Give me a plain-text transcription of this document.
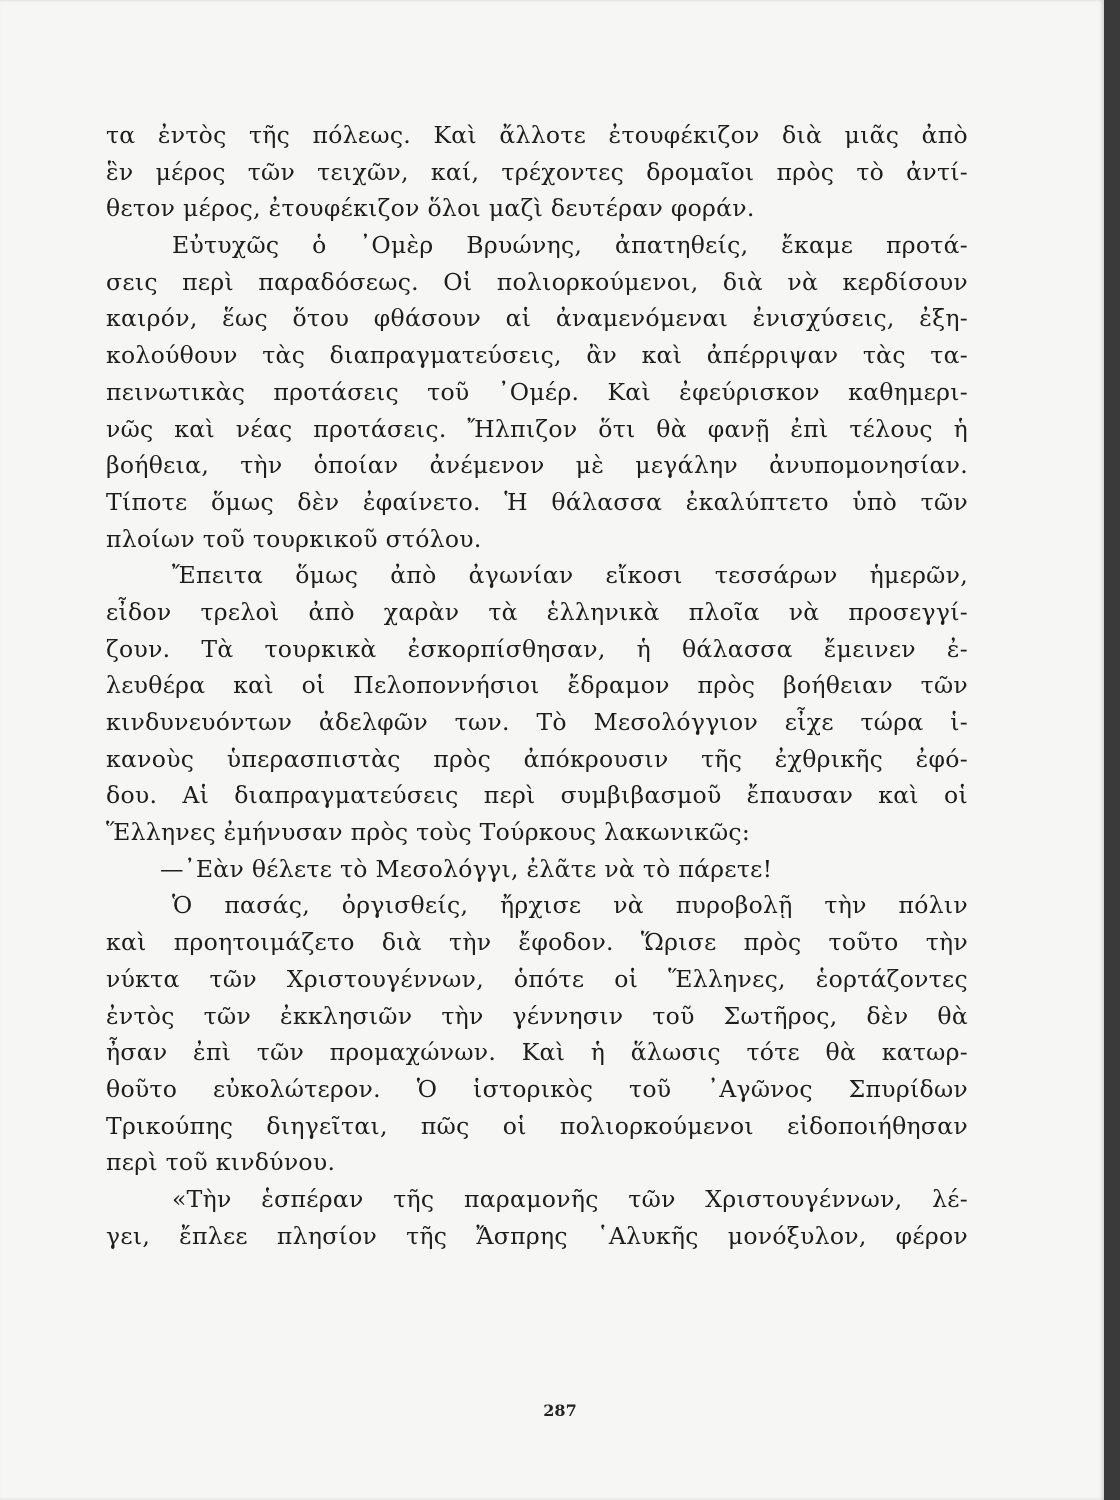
τα ἐντὸς τῆς πόλεως. Καὶ ἄλλοτε ἐτουφέκιζον διὰ μιᾶς ἀπὸ
ἓν μέρος τῶν τειχῶν, καί, τρέχοντες δρομαῖοι πρὸς τὸ ἀντί-
θετον μέρος, ἐτουφέκιζον ὅλοι μαζὶ δευτέραν φοράν.
Εὐτυχῶς ὁ ᾿Ομὲρ Βρυώνης, ἀπατηθείς, ἔκαμε προτά-
σεις περὶ παραδόσεως. Οἱ πολιορκούμενοι, διὰ νὰ κερδίσουν
καιρόν, ἕως ὅτου φθάσουν αἱ ἀναμενόμεναι ἐνισχύσεις, ἐξη-
κολούθουν τὰς διαπραγματεύσεις, ἂν καὶ ἀπέρριψαν τὰς τα-
πεινωτικὰς προτάσεις τοῦ ᾿Ομέρ. Καὶ ἐφεύρισκον καθημερι-
νῶς καὶ νέας προτάσεις. Ἤλπιζον ὅτι θὰ φανῇ ἐπὶ τέλους ἡ
βοήθεια, τὴν ὁποίαν ἀνέμενον μὲ μεγάλην ἀνυπομονησίαν.
Τίποτε ὅμως δὲν ἐφαίνετο. Ἡ θάλασσα ἐκαλύπτετο ὑπὸ τῶν
πλοίων τοῦ τουρκικοῦ στόλου.
Ἔπειτα ὅμως ἀπὸ ἀγωνίαν εἴκοσι τεσσάρων ἡμερῶν,
εἶδον τρελοὶ ἀπὸ χαρὰν τὰ ἑλληνικὰ πλοῖα νὰ προσεγγί-
ζουν. Τὰ τουρκικὰ ἐσκορπίσθησαν, ἡ θάλασσα ἔμεινεν ἐ-
λευθέρα καὶ οἱ Πελοποννήσιοι ἔδραμον πρὸς βοήθειαν τῶν
κινδυνευόντων ἀδελφῶν των. Τὸ Μεσολόγγιον εἶχε τώρα ἱ-
κανοὺς ὑπερασπιστὰς πρὸς ἀπόκρουσιν τῆς ἐχθρικῆς ἐφό-
δου. Αἱ διαπραγματεύσεις περὶ συμβιβασμοῦ ἔπαυσαν καὶ οἱ
Ἕλληνες ἐμήνυσαν πρὸς τοὺς Τούρκους λακωνικῶς:
—᾿Εὰν θέλετε τὸ Μεσολόγγι, ἐλᾶτε νὰ τὸ πάρετε!
Ὁ πασάς, ὀργισθείς, ἤρχισε νὰ πυροβολῇ τὴν πόλιν
καὶ προητοιμάζετο διὰ τὴν ἔφοδον. Ὥρισε πρὸς τοῦτο τὴν
νύκτα τῶν Χριστουγέννων, ὁπότε οἱ Ἕλληνες, ἑορτάζοντες
ἐντὸς τῶν ἐκκλησιῶν τὴν γέννησιν τοῦ Σωτῆρος, δὲν θὰ
ἦσαν ἐπὶ τῶν προμαχώνων. Καὶ ἡ ἅλωσις τότε θὰ κατωρ-
θοῦτο εὐκολώτερον. Ὁ ἱστορικὸς τοῦ ᾿Αγῶνος Σπυρίδων
Τρικούπης διηγεῖται, πῶς οἱ πολιορκούμενοι εἰδοποιήθησαν
περὶ τοῦ κινδύνου.
«Τὴν ἑσπέραν τῆς παραμονῆς τῶν Χριστουγέννων, λέ-
γει, ἔπλεε πλησίον τῆς Ἄσπρης ῾Αλυκῆς μονόξυλον, φέρον
287
